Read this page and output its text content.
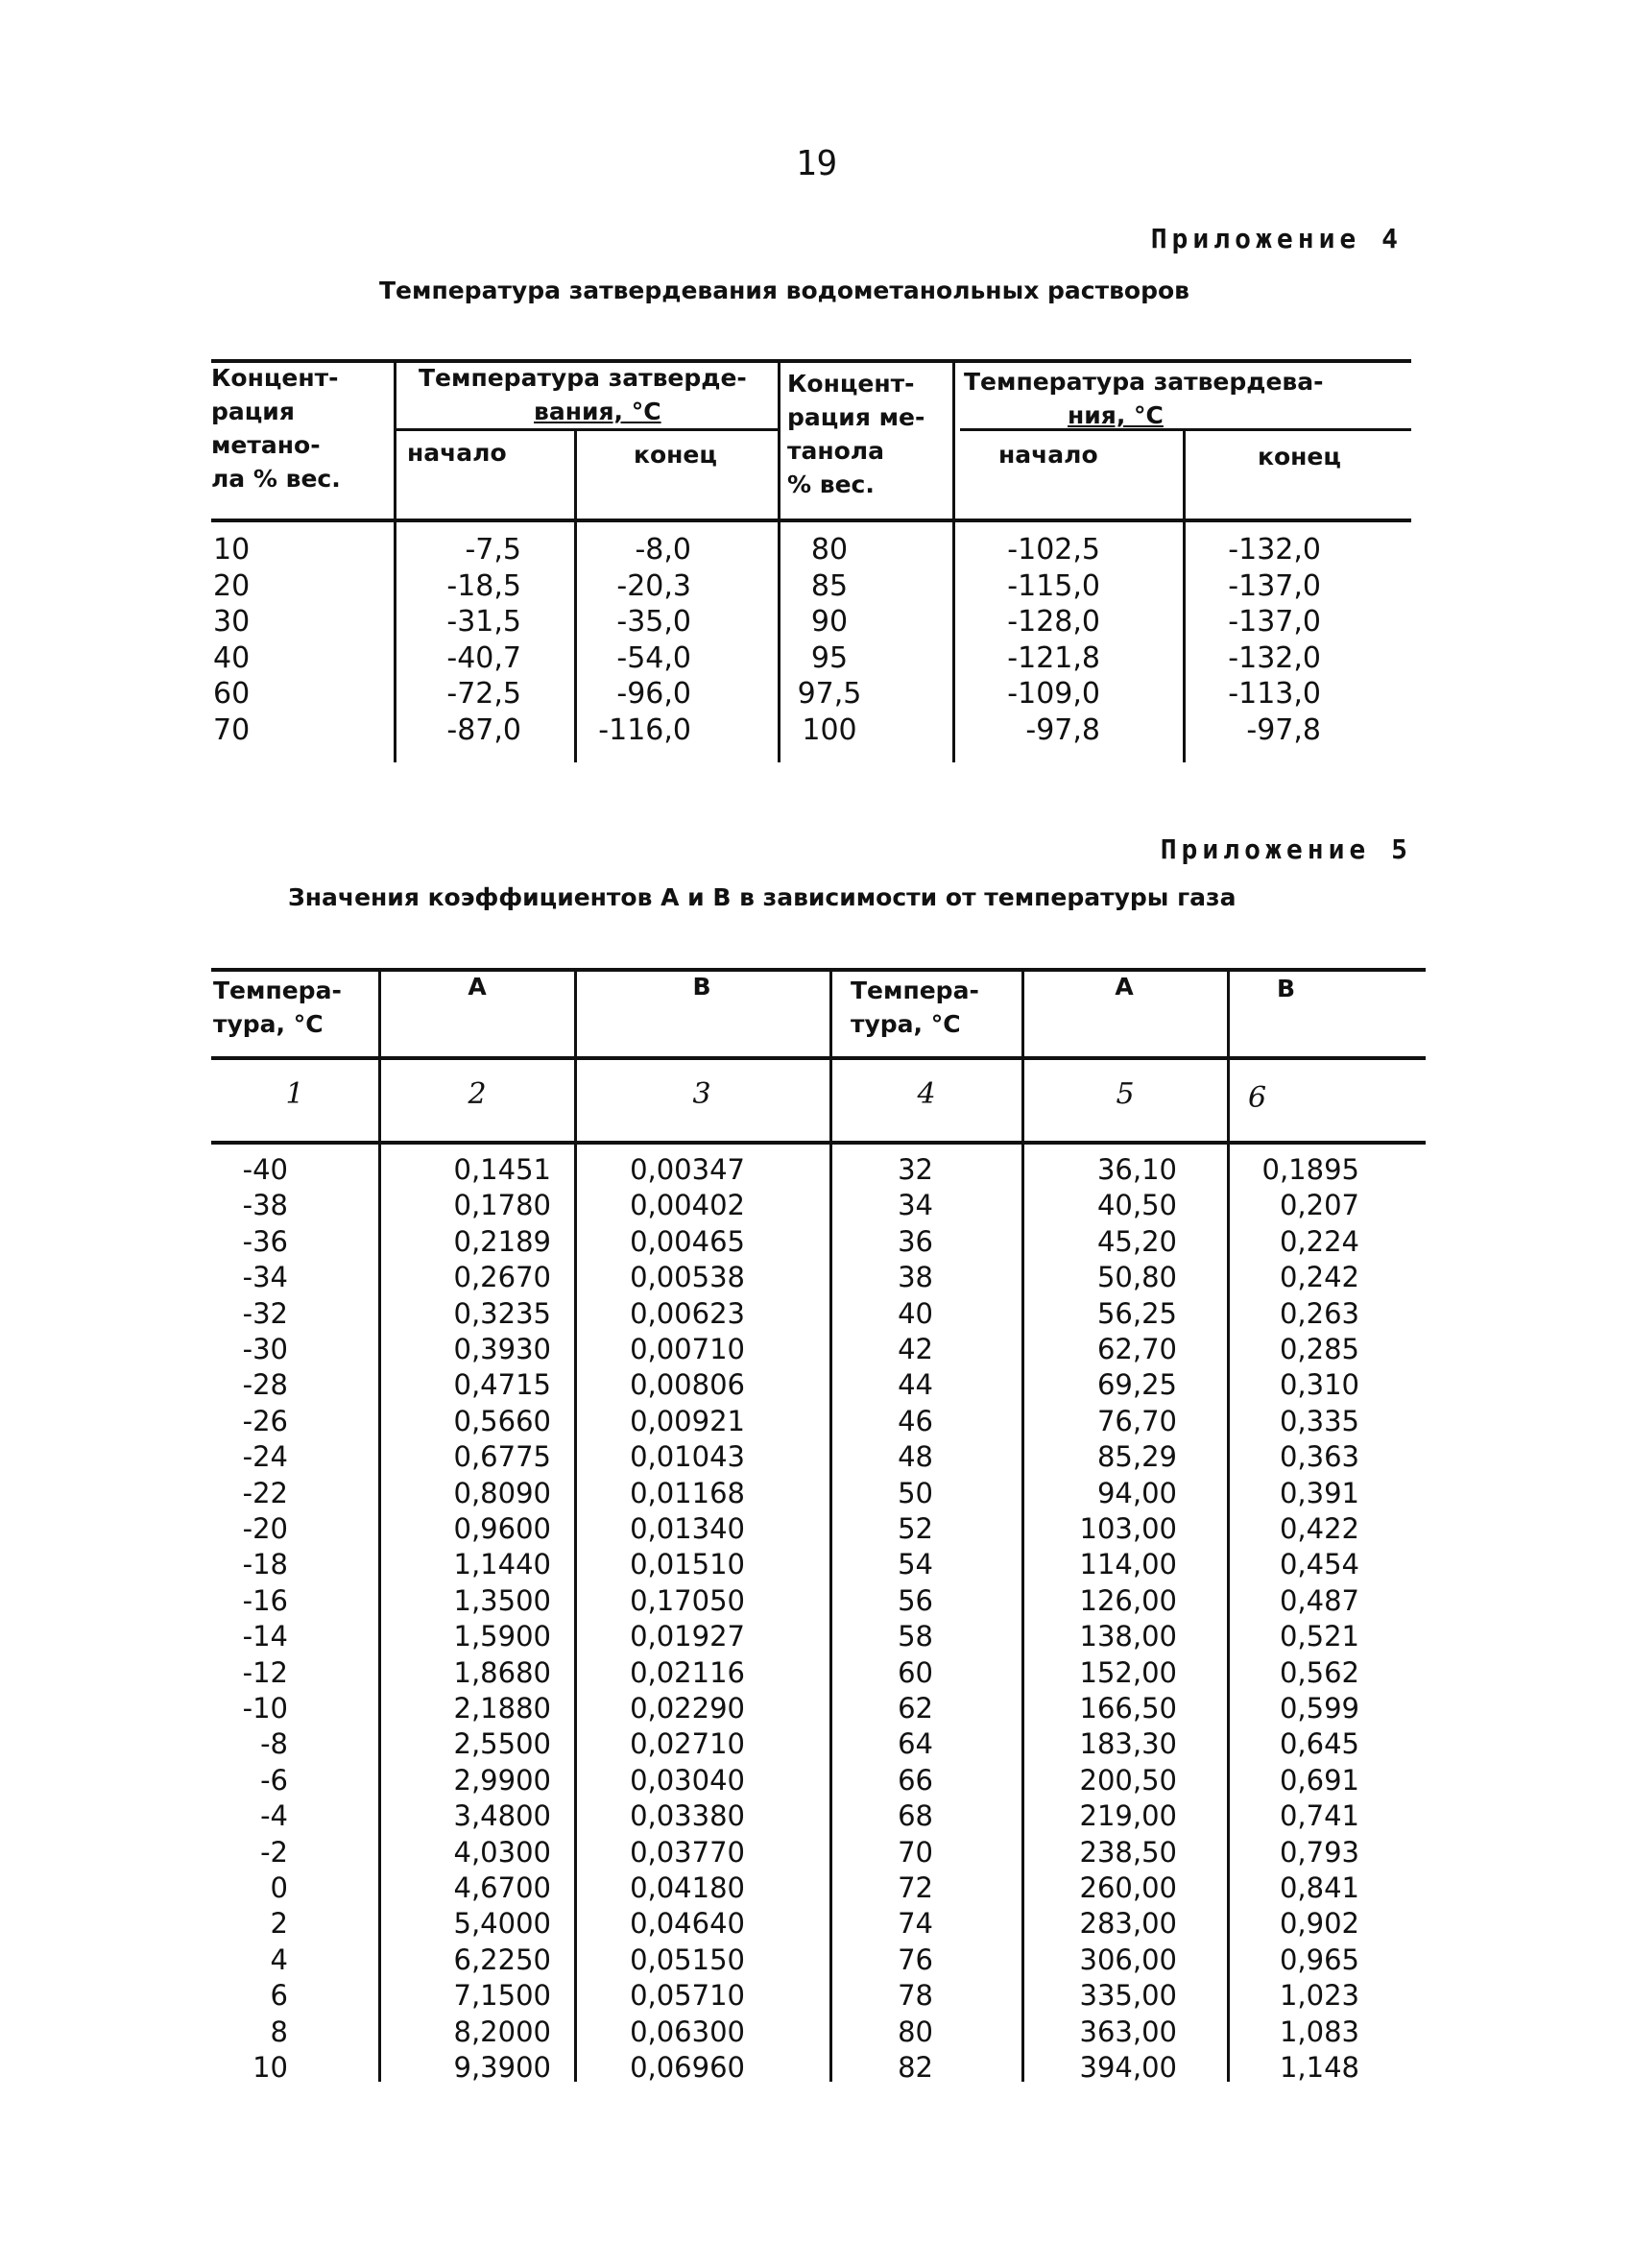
19
Приложение 4
Температура затвердевания водометанольных растворов
Концент-
рация
метано-
ла % вес.
Температура затверде-
вания, °С
начало	конец
Концент-
рация ме-
танола
% вес.
Температура затвердева-
ния, °С
начало	конец
10	-7,5	-8,0	80	-102,5	-132,0
20	-18,5	-20,3	85	-115,0	-137,0
30	-31,5	-35,0	90	-128,0	-137,0
40	-40,7	-54,0	95	-121,8	-132,0
60	-72,5	-96,0	97,5	-109,0	-113,0
70	-87,0	-116,0	100	-97,8	-97,8
Приложение 5
Значения коэффициентов А и В в зависимости от температуры газа
Темпера-
тура, °С
А	В	Темпера-
тура, °С
А	В
1	2	3	4	5	6
-40	0,1451	0,00347	32	36,10	0,1895
-38	0,1780	0,00402	34	40,50	0,207
-36	0,2189	0,00465	36	45,20	0,224
-34	0,2670	0,00538	38	50,80	0,242
-32	0,3235	0,00623	40	56,25	0,263
-30	0,3930	0,00710	42	62,70	0,285
-28	0,4715	0,00806	44	69,25	0,310
-26	0,5660	0,00921	46	76,70	0,335
-24	0,6775	0,01043	48	85,29	0,363
-22	0,8090	0,01168	50	94,00	0,391
-20	0,9600	0,01340	52	103,00	0,422
-18	1,1440	0,01510	54	114,00	0,454
-16	1,3500	0,17050	56	126,00	0,487
-14	1,5900	0,01927	58	138,00	0,521
-12	1,8680	0,02116	60	152,00	0,562
-10	2,1880	0,02290	62	166,50	0,599
-8	2,5500	0,02710	64	183,30	0,645
-6	2,9900	0,03040	66	200,50	0,691
-4	3,4800	0,03380	68	219,00	0,741
-2	4,0300	0,03770	70	238,50	0,793
0	4,6700	0,04180	72	260,00	0,841
2	5,4000	0,04640	74	283,00	0,902
4	6,2250	0,05150	76	306,00	0,965
6	7,1500	0,05710	78	335,00	1,023
8	8,2000	0,06300	80	363,00	1,083
10	9,3900	0,06960	82	394,00	1,148
